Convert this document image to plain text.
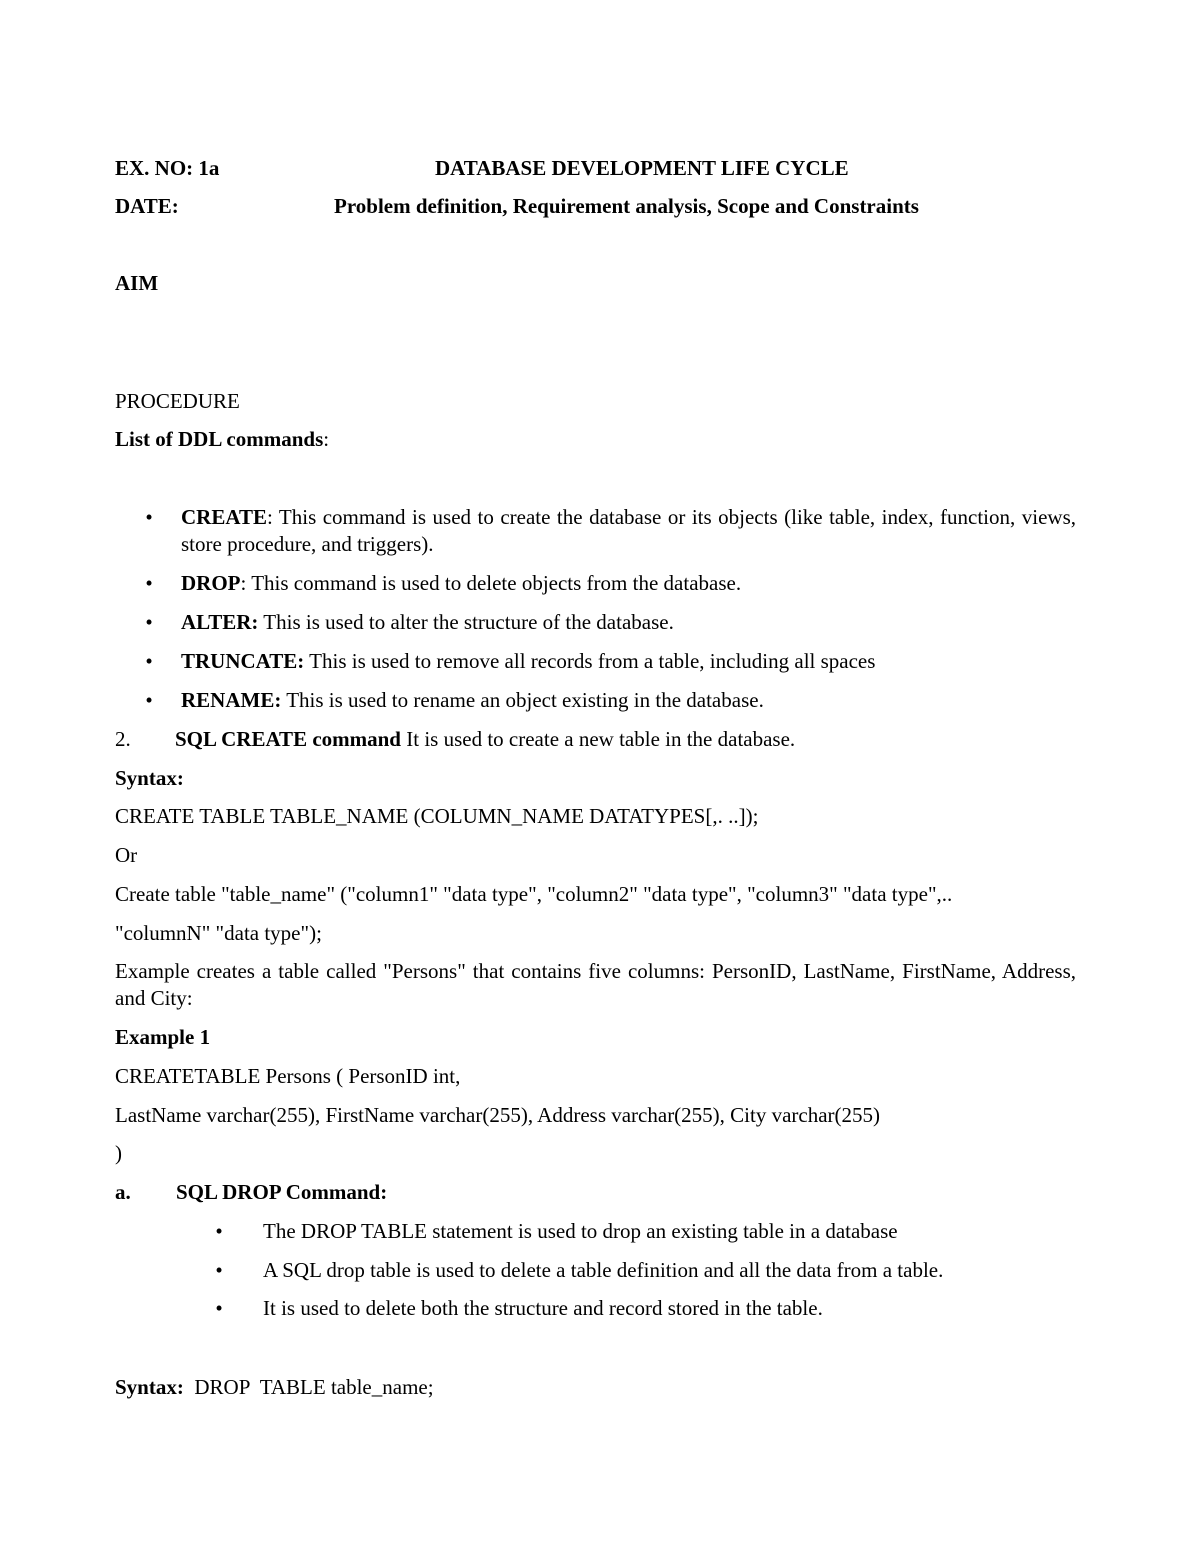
EX. NO: 1a	DATABASE DEVELOPMENT LIFE CYCLE
DATE:	Problem definition, Requirement analysis, Scope and Constraints
AIM
PROCEDURE
List of DDL commands:
• CREATE: This command is used to create the database or its objects (like table, index, function, views, store procedure, and triggers).
• DROP: This command is used to delete objects from the database.
• ALTER: This is used to alter the structure of the database.
• TRUNCATE: This is used to remove all records from a table, including all spaces
• RENAME: This is used to rename an object existing in the database.
2. SQL CREATE command It is used to create a new table in the database.
Syntax:
CREATE TABLE TABLE_NAME (COLUMN_NAME DATATYPES[,. ..]);
Or
Create table "table_name" ("column1" "data type", "column2" "data type", "column3" "data type",..
"columnN" "data type");
Example creates a table called "Persons" that contains five columns: PersonID, LastName, FirstName, Address, and City:
Example 1
CREATETABLE Persons ( PersonID int,
LastName varchar(255), FirstName varchar(255), Address varchar(255), City varchar(255)
)
a. SQL DROP Command:
• The DROP TABLE statement is used to drop an existing table in a database
• A SQL drop table is used to delete a table definition and all the data from a table.
• It is used to delete both the structure and record stored in the table.
Syntax:  DROP  TABLE table_name;
